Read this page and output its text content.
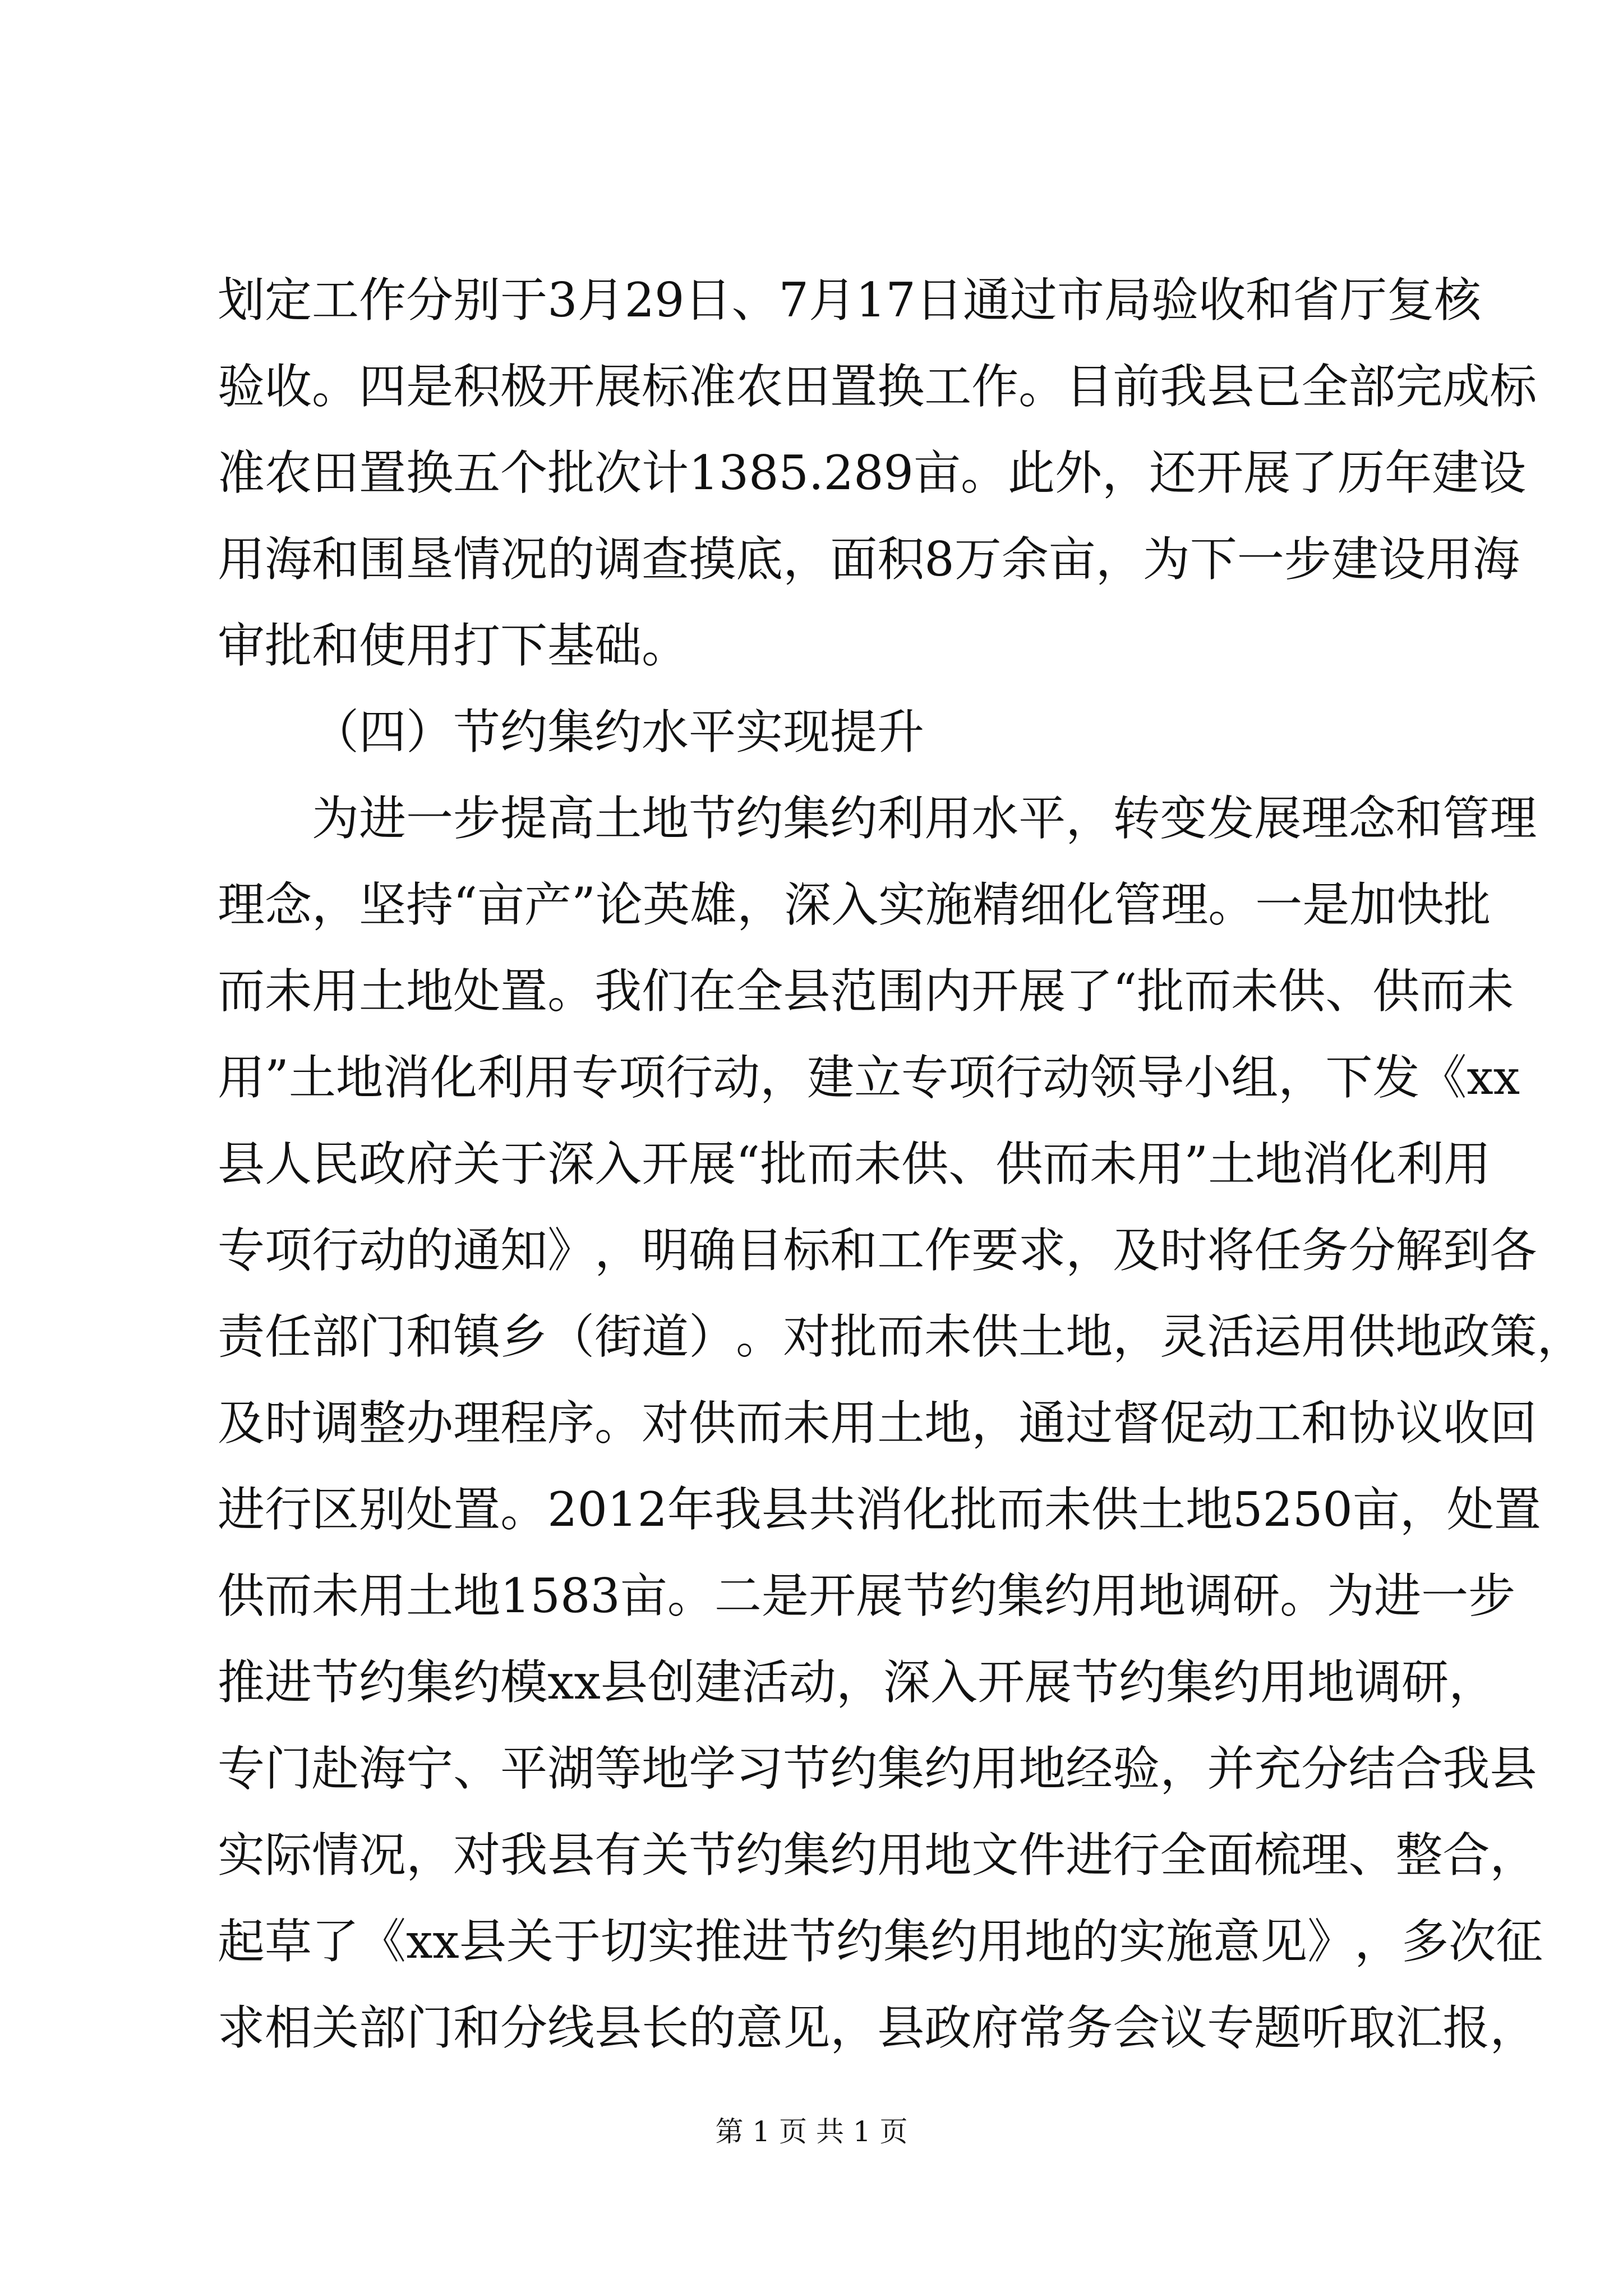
划 定 工 作 分 别 于 3 月 29 日 、 7 月 17 日 通 过 市 局 验 收 和 省 厅 复 核
验 收 。 四 是 积 极 开 展 标 准 农 田 置 换 工 作 。 目 前 我 县 已 全 部 完 成 标
准 农 田 置 换 五 个 批 次 计 1385.289 亩 。 此 外 ， 还 开 展 了 历 年 建 设
用 海 和 围 垦 情 况 的 调 查 摸 底 ， 面 积 8 万 余 亩 ， 为 下 一 步 建 设 用 海
审批和使用打下基础。
（四）节约集约水平实现提升
为 进 一 步 提 高 土 地 节 约 集 约 利 用 水 平 ， 转 变 发 展 理 念 和 管 理
理 念 ， 坚 持 “ 亩 产 ” 论 英 雄 ， 深 入 实 施 精 细 化 管 理 。 一 是 加 快 批
而 未 用 土 地 处 置 。 我 们 在 全 县 范 围 内 开 展 了 “ 批 而 未 供 、 供 而 未
用 ” 土 地 消 化 利 用 专 项 行 动 ， 建 立 专 项 行 动 领 导 小 组 ， 下 发 《 xx
县 人 民 政 府 关 于 深 入 开 展 “ 批 而 未 供 、 供 而 未 用 ” 土 地 消 化 利 用
专 项 行 动 的 通 知 》 ， 明 确 目 标 和 工 作 要 求 ， 及 时 将 任 务 分 解 到 各
责 任 部 门 和 镇 乡 （ 街 道 ） 。 对 批 而 未 供 土 地 ， 灵 活 运 用 供 地 政 策 ，
及 时 调 整 办 理 程 序 。 对 供 而 未 用 土 地 ， 通 过 督 促 动 工 和 协 议 收 回
进 行 区 别 处 置 。 2012 年 我 县 共 消 化 批 而 未 供 土 地 5250 亩 ， 处 置
供 而 未 用 土 地 1583 亩 。 二 是 开 展 节 约 集 约 用 地 调 研 。 为 进 一 步
推 进 节 约 集 约 模 xx 县 创 建 活 动 ， 深 入 开 展 节 约 集 约 用 地 调 研 ，
专 门 赴 海 宁 、 平 湖 等 地 学 习 节 约 集 约 用 地 经 验 ， 并 充 分 结 合 我 县
实 际 情 况 ， 对 我 县 有 关 节 约 集 约 用 地 文 件 进 行 全 面 梳 理 、 整 合 ，
起 草 了 《 xx 县 关 于 切 实 推 进 节 约 集 约 用 地 的 实 施 意 见 》 ， 多 次 征
求 相 关 部 门 和 分 线 县 长 的 意 见 ， 县 政 府 常 务 会 议 专 题 听 取 汇 报 ，
第 1 页 共 1 页
